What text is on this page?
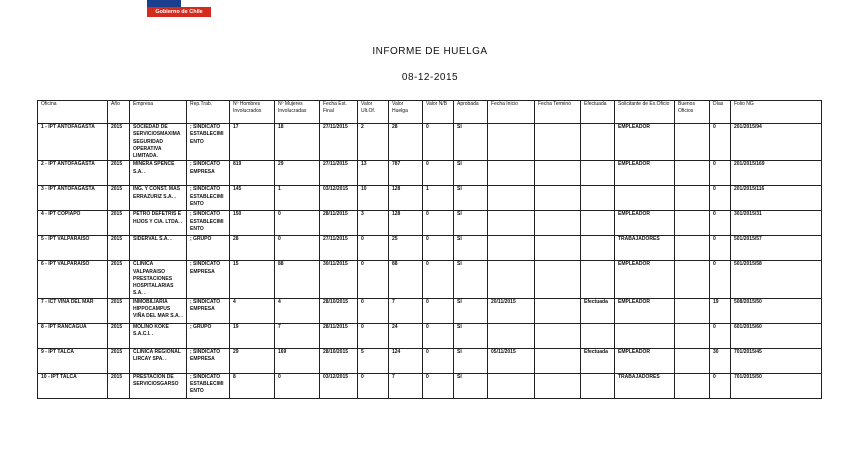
Gobierno de Chile
INFORME DE HUELGA
08-12-2015
Oficina	Año	Empresa	Rep.Trab.	Nº Hombres Involucrados	Nº Mujeres Involucradas	Fecha Est. Final	Valor Ult.Of.	Valor Huelga	Valor N/B	Aprobada	Fecha Inicio	Fecha Termino	Efectuada	Solicitante de Ex.Oficio	Buenos Oficios	Días	Folio NG
1 - IPT ANTOFAGASTA	2015	SOCIEDAD DE SERVICIOSMAXIMA SEGURIDAD OPERATIVA LIMITADA.	; SINDICATO ESTABLECIMIENTO	17	18	27/11/2015	2	28	0	SI				EMPLEADOR		0	201/2015/94
2 - IPT ANTOFAGASTA	2015	MINERA SPENCE S.A. .	; SINDICATO EMPRESA	819	29	27/11/2015	13	787	0	SI				EMPLEADOR		0	201/2015/169
3 - IPT ANTOFAGASTA	2015	ING. Y CONST. MAS ERRAZURIZ S.A. .	; SINDICATO ESTABLECIMIENTO	145	1	03/12/2015	10	128	1	SI						0	201/2015/116
4 - IPT COPIAPO	2015	PETRO DEFETRIS E HIJOS Y CIA. LTDA. .	; SINDICATO ESTABLECIMIENTO	150	0	28/11/2015	3	128	0	SI				EMPLEADOR		0	301/2015/31
5 - IPT VALPARAISO	2015	SIDERVAL S.A. .	; GRUPO	28	0	27/11/2015	0	25	0	SI				TRABAJADORES		0	501/2015/57
6 - IPT VALPARAISO	2015	CLINICA VALPARAISO PRESTACIONES HOSPITALARIAS S.A. .	; SINDICATO EMPRESA	15	88	30/11/2015	0	88	0	SI				EMPLEADOR		0	501/2015/58
7 - ICT VIÑA DEL MAR	2015	INMOBILIARIA HIPPOCAMPUS VIÑA DEL MAR S.A. .	; SINDICATO EMPRESA	4	4	28/10/2015	0	7	0	SI	20/11/2015		Efectuada	EMPLEADOR		19	508/2015/50
8 - IPT RANCAGUA	2015	MOLINO KOKE S.A.C.I. .	; GRUPO	19	7	28/11/2015	0	24	0	SI						0	601/2015/60
9 - IPT TALCA	2015	CLINICA REGIONAL LIRCAY SPA. .	; SINDICATO EMPRESA	29	169	28/10/2015	5	124	0	SI	05/11/2015		Efectuada	EMPLEADOR		30	701/2015/45
10 - IPT TALCA	2015	PRESTACION DE SERVICIOSGARSO	; SINDICATO ESTABLECIMIENTO	8	0	03/12/2015	0	7	0	SI				TRABAJADORES		0	701/2015/50
